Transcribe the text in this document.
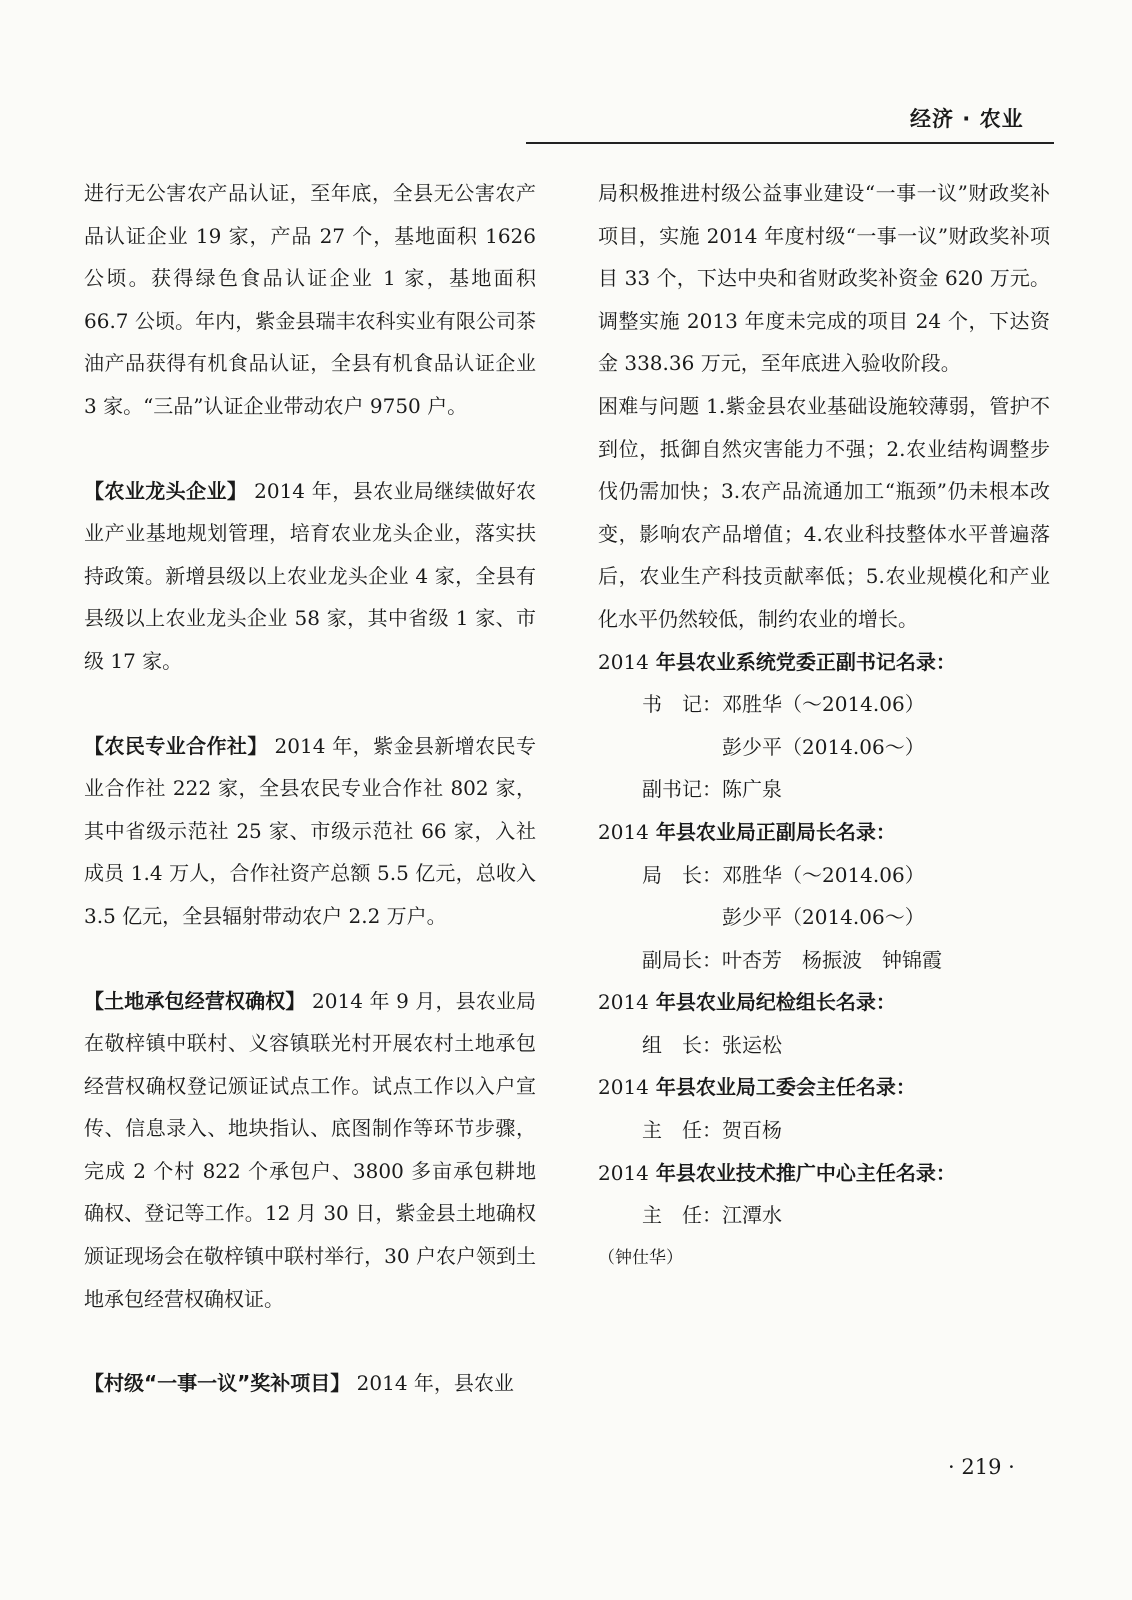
经济 · 农业

进行无公害农产品认证，至年底，全县无公害农产品认证企业 19 家，产品 27 个，基地面积 1626 公顷。获得绿色食品认证企业 1 家，基地面积 66.7 公顷。年内，紫金县瑞丰农科实业有限公司茶油产品获得有机食品认证，全县有机食品认证企业 3 家。“三品”认证企业带动农户 9750 户。

【农业龙头企业】 2014 年，县农业局继续做好农业产业基地规划管理，培育农业龙头企业，落实扶持政策。新增县级以上农业龙头企业 4 家，全县有县级以上农业龙头企业 58 家，其中省级 1 家、市级 17 家。

【农民专业合作社】 2014 年，紫金县新增农民专业合作社 222 家，全县农民专业合作社 802 家，其中省级示范社 25 家、市级示范社 66 家，入社成员 1.4 万人，合作社资产总额 5.5 亿元，总收入 3.5 亿元，全县辐射带动农户 2.2 万户。

【土地承包经营权确权】 2014 年 9 月，县农业局在敬梓镇中联村、义容镇联光村开展农村土地承包经营权确权登记颁证试点工作。试点工作以入户宣传、信息录入、地块指认、底图制作等环节步骤，完成 2 个村 822 个承包户、3800 多亩承包耕地确权、登记等工作。12 月 30 日，紫金县土地确权颁证现场会在敬梓镇中联村举行，30 户农户领到土地承包经营权确权证。

【村级“一事一议”奖补项目】 2014 年，县农业

局积极推进村级公益事业建设“一事一议”财政奖补项目，实施 2014 年度村级“一事一议”财政奖补项目 33 个，下达中央和省财政奖补资金 620 万元。调整实施 2013 年度未完成的项目 24 个，下达资金 338.36 万元，至年底进入验收阶段。

困难与问题 1.紫金县农业基础设施较薄弱，管护不到位，抵御自然灾害能力不强；2.农业结构调整步伐仍需加快；3.农产品流通加工“瓶颈”仍未根本改变，影响农产品增值；4.农业科技整体水平普遍落后，农业生产科技贡献率低；5.农业规模化和产业化水平仍然较低，制约农业的增长。

2014 年县农业系统党委正副书记名录：

书　记：邓胜华（～2014.06）

彭少平（2014.06～）

副书记：陈广泉

2014 年县农业局正副局长名录：

局　长：邓胜华（～2014.06）

彭少平（2014.06～）

副局长：叶杏芳　杨振波　钟锦霞

2014 年县农业局纪检组长名录：

组　长：张运松

2014 年县农业局工委会主任名录：

主　任：贺百杨

2014 年县农业技术推广中心主任名录：

主　任：江潭水

（钟仕华）

· 219 ·
